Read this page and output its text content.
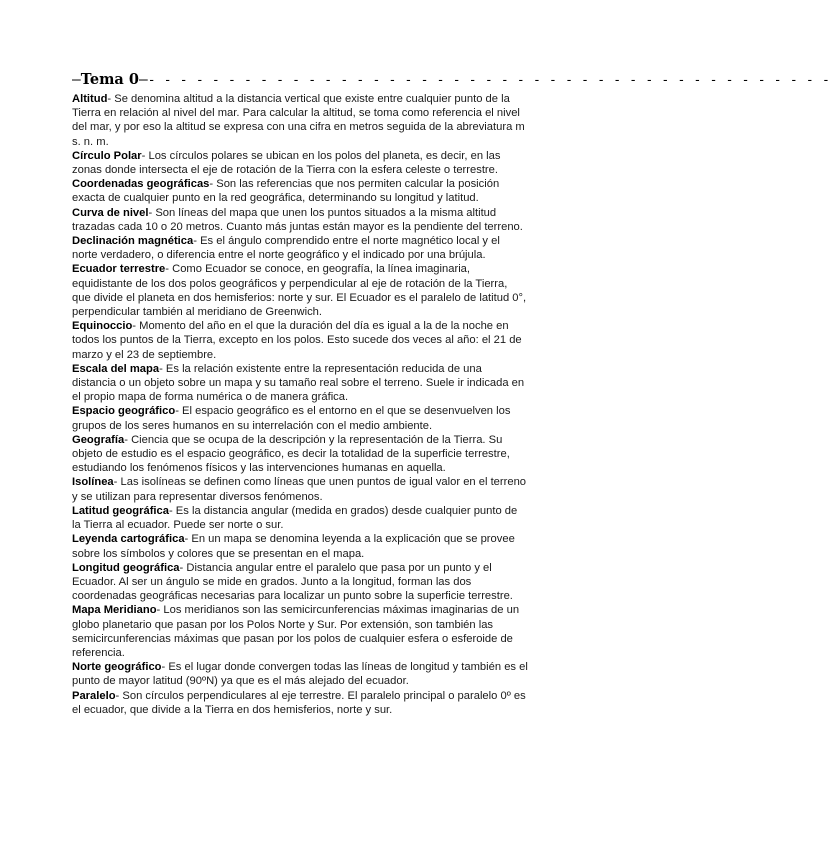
—Tema 0—- - - - - - - - - - - - - - - - - - - - - - - - - - - - - - - - - - - - - - - - - - -

Altitud- Se denomina altitud a la distancia vertical que existe entre cualquier punto de la Tierra en relación al nivel del mar. Para calcular la altitud, se toma como referencia el nivel del mar, y por eso la altitud se expresa con una cifra en metros seguida de la abreviatura m s. n. m.

Círculo Polar- Los círculos polares se ubican en los polos del planeta, es decir, en las zonas donde intersecta el eje de rotación de la Tierra con la esfera celeste o terrestre.

Coordenadas geográficas- Son las referencias que nos permiten calcular la posición exacta de cualquier punto en la red geográfica, determinando su longitud y latitud.

Curva de nivel- Son líneas del mapa que unen los puntos situados a la misma altitud trazadas cada 10 o 20 metros. Cuanto más juntas están mayor es la pendiente del terreno.

Declinación magnética- Es el ángulo comprendido entre el norte magnético local y el norte verdadero, o diferencia entre el norte geográfico y el indicado por una brújula.

Ecuador terrestre- Como Ecuador se conoce, en geografía, la línea imaginaria, equidistante de los dos polos geográficos y perpendicular al eje de rotación de la Tierra, que divide el planeta en dos hemisferios: norte y sur. El Ecuador es el paralelo de latitud 0°, perpendicular también al meridiano de Greenwich.

Equinoccio- Momento del año en el que la duración del día es igual a la de la noche en todos los puntos de la Tierra, excepto en los polos. Esto sucede dos veces al año: el 21 de marzo y el 23 de septiembre.

Escala del mapa- Es la relación existente entre la representación reducida de una distancia o un objeto sobre un mapa y su tamaño real sobre el terreno. Suele ir indicada en el propio mapa de forma numérica o de manera gráfica.

Espacio geográfico- El espacio geográfico es el entorno en el que se desenvuelven los grupos de los seres humanos en su interrelación con el medio ambiente.

Geografía- Ciencia que se ocupa de la descripción y la representación de la Tierra. Su objeto de estudio es el espacio geográfico, es decir la totalidad de la superficie terrestre, estudiando los fenómenos físicos y las intervenciones humanas en aquella.

Isolínea- Las isolíneas se definen como líneas que unen puntos de igual valor en el terreno y se utilizan para representar diversos fenómenos.

Latitud geográfica- Es la distancia angular (medida en grados) desde cualquier punto de la Tierra al ecuador. Puede ser norte o sur.

Leyenda cartográfica- En un mapa se denomina leyenda a la explicación que se provee sobre los símbolos y colores que se presentan en el mapa.

Longitud geográfica- Distancia angular entre el paralelo que pasa por un punto y el Ecuador. Al ser un ángulo se mide en grados. Junto a la longitud, forman las dos coordenadas geográficas necesarias para localizar un punto sobre la superficie terrestre.

Mapa Meridiano- Los meridianos son las semicircunferencias máximas imaginarias de un globo planetario que pasan por los Polos Norte y Sur. Por extensión, son también las semicircunferencias máximas que pasan por los polos de cualquier esfera o esferoide de referencia.

Norte geográfico- Es el lugar donde convergen todas las líneas de longitud y también es el punto de mayor latitud (90ºN) ya que es el más alejado del ecuador.

Paralelo- Son círculos perpendiculares al eje terrestre. El paralelo principal o paralelo 0º es el ecuador, que divide a la Tierra en dos hemisferios, norte y sur.
